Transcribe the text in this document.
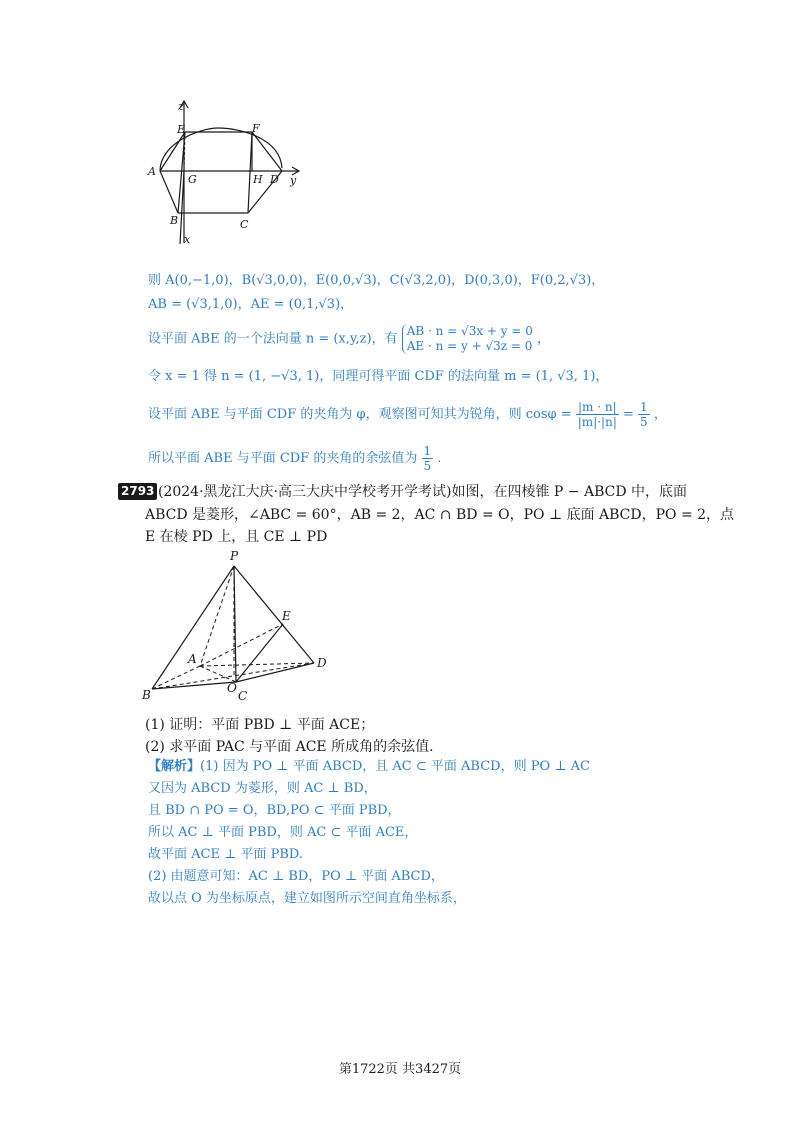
z
E	F
A
G	H D y
B	C
x
则 A(0,−1,0)，B(√3,0,0)，E(0,0,√3)，C(√3,2,0)，D(0,3,0)，F(0,2,√3)，
AB = (√3,1,0)，AE = (0,1,√3)，
设平面 ABE 的一个法向量 n = (x,y,z)，有
AB · n = √3x + y = 0
AE · n = y + √3z = 0 ，
令 x = 1 得 n = (1, −√3, 1)，同理可得平面 CDF 的法向量 m = (1, √3, 1)，
设平面 ABE 与平面 CDF 的夹角为 φ，观察图可知其为锐角，则 $\cos\varphi = \frac{|m \cdot n|}{|m|\cdot|n|} = \frac{1}{5}$ ，
所以平面 ABE 与平面 CDF 的夹角的余弦值为 $\frac{1}{5}$ .
2793 (2024·黑龙江大庆·高三大庆中学校考开学考试)如图，在四棱锥 P − ABCD 中，底面
ABCD 是菱形，∠ABC = 60°，AB = 2，AC ∩ BD = O，PO ⊥ 底面 ABCD，PO = 2，点
E 在棱 PD 上，且 CE ⊥ PD
P
E
A	D
O
B	C
(1) 证明：平面 PBD ⊥ 平面 ACE；
(2) 求平面 PAC 与平面 ACE 所成角的余弦值.
【解析】(1) 因为 PO ⊥ 平面 ABCD，且 AC ⊂ 平面 ABCD，则 PO ⊥ AC
又因为 ABCD 为菱形，则 AC ⊥ BD，
且 BD ∩ PO = O，BD,PO ⊂ 平面 PBD，
所以 AC ⊥ 平面 PBD，则 AC ⊂ 平面 ACE，
故平面 ACE ⊥ 平面 PBD.
(2) 由题意可知：AC ⊥ BD，PO ⊥ 平面 ABCD，
故以点 O 为坐标原点，建立如图所示空间直角坐标系，
第1722页 共3427页
